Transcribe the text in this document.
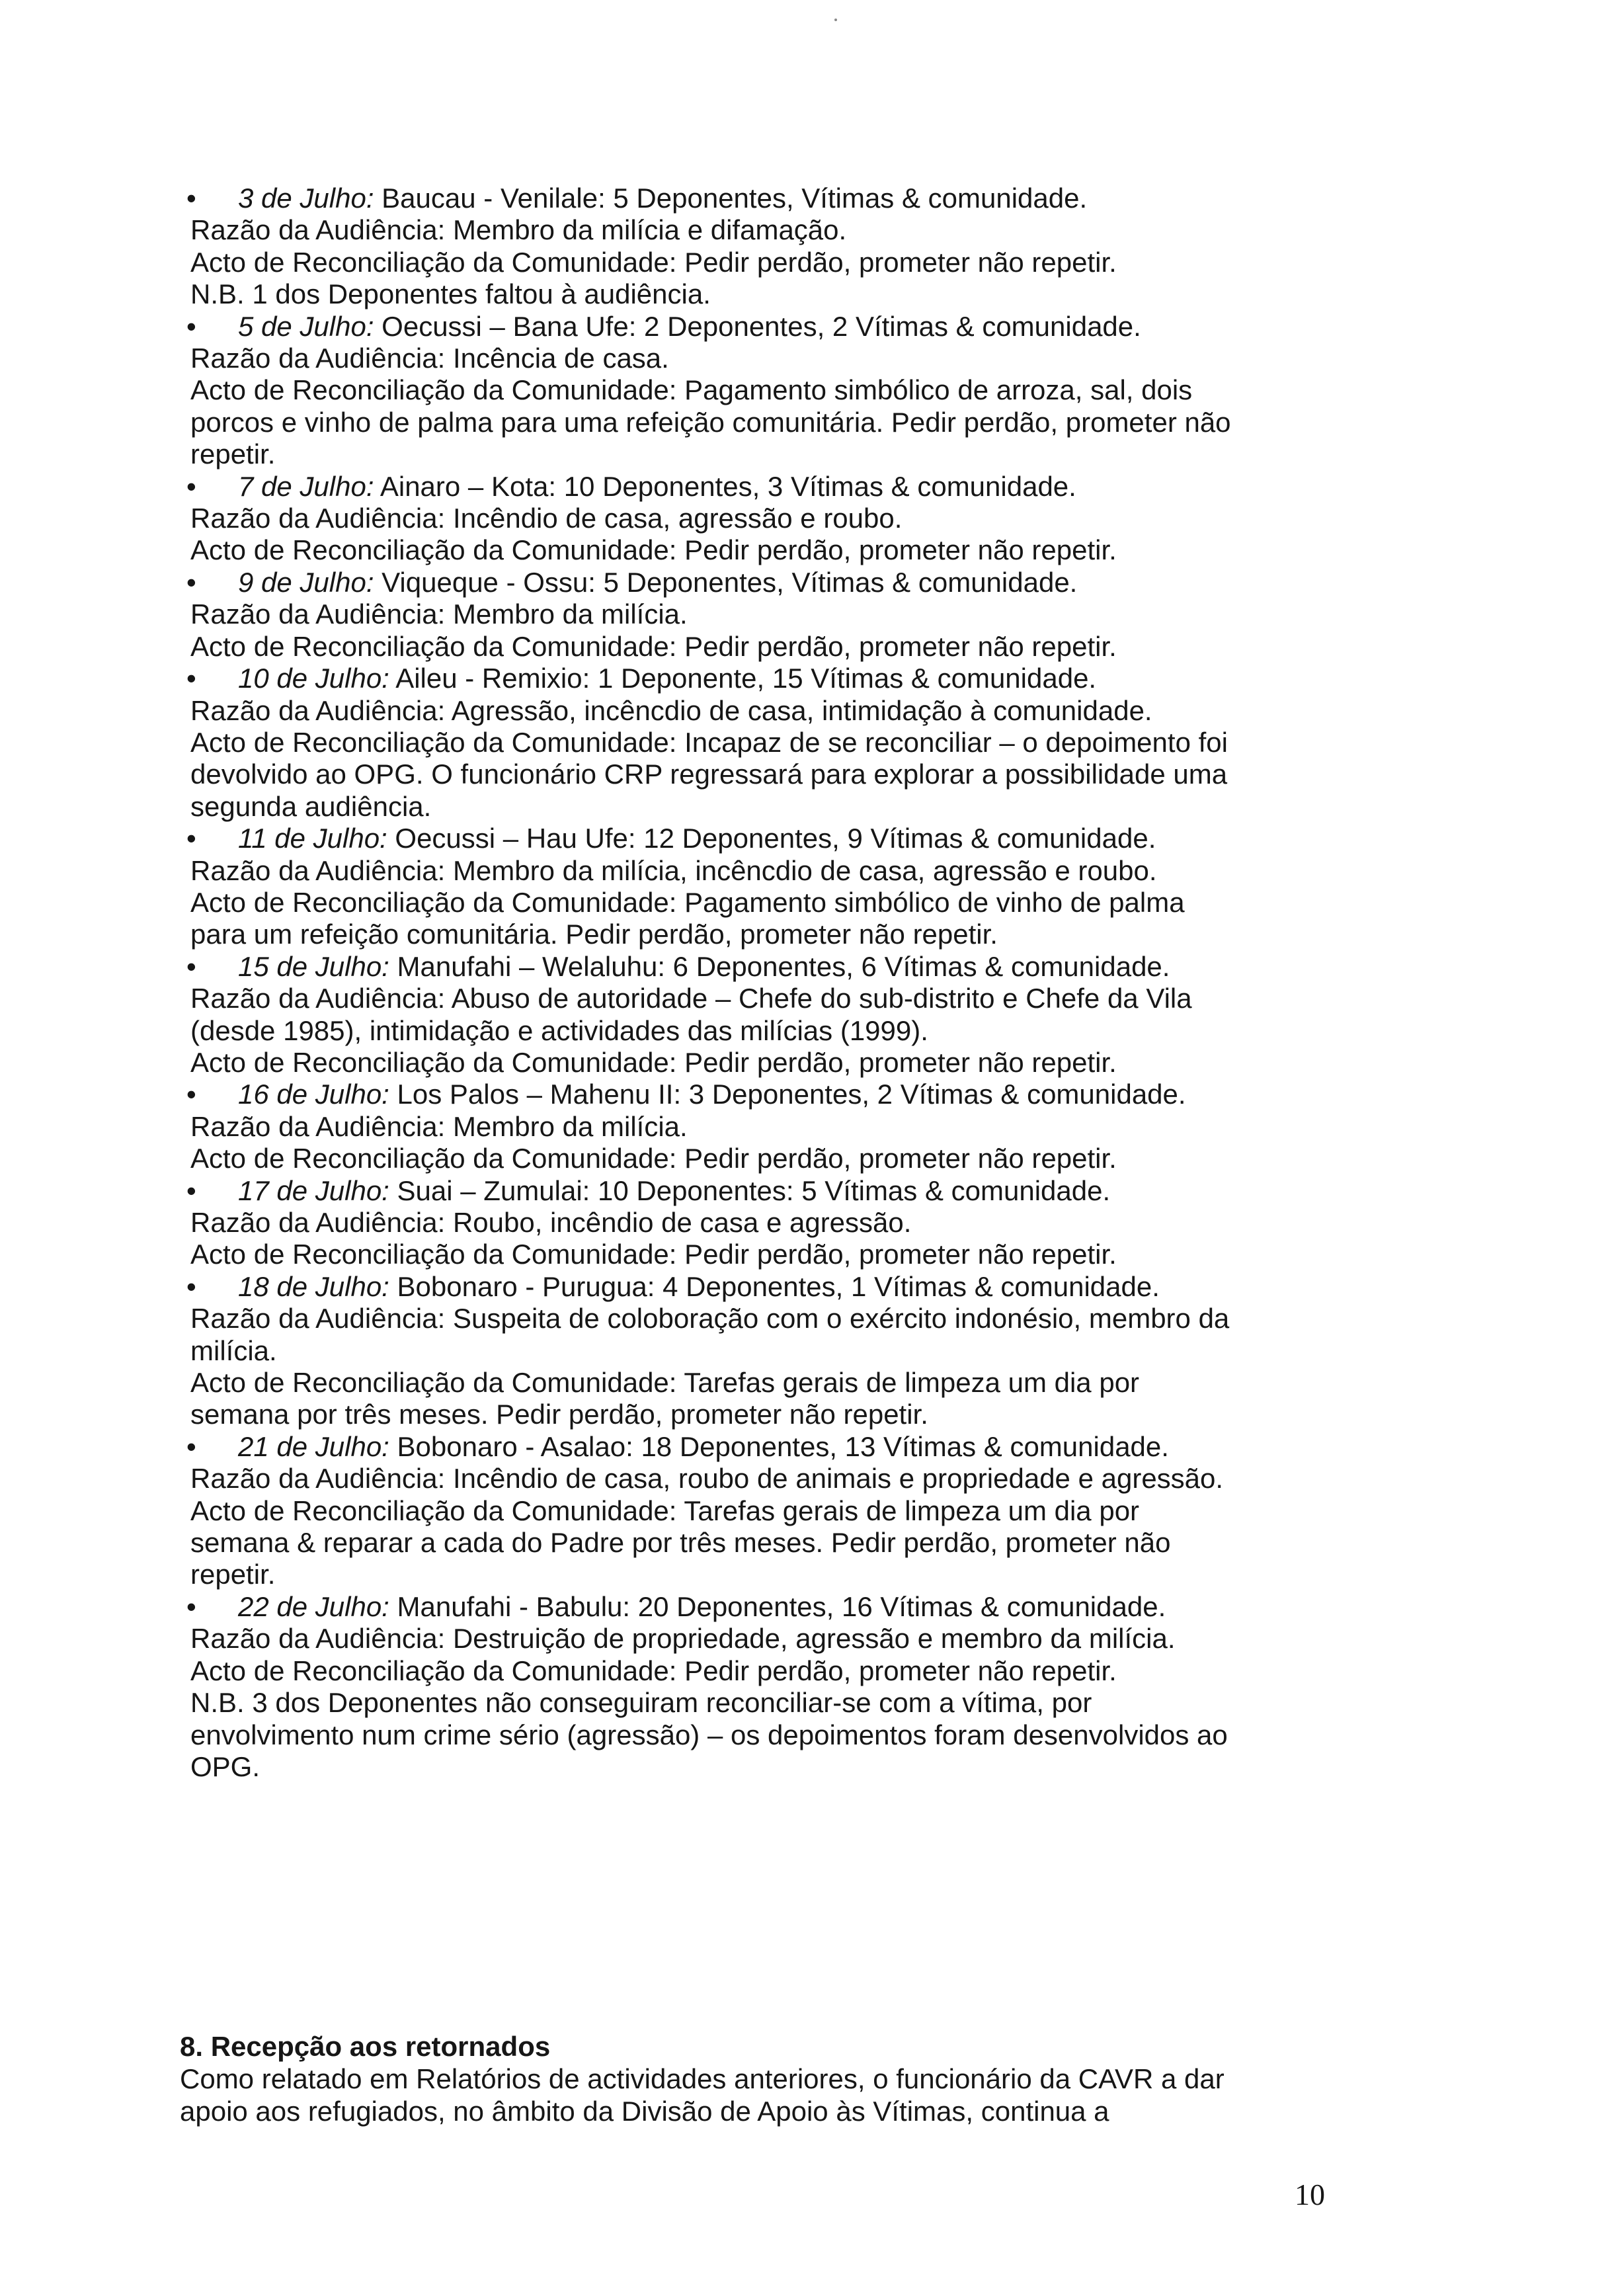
• 3 de Julho: Baucau - Venilale: 5 Deponentes, Vítimas & comunidade.
Razão da Audiência: Membro da milícia e difamação.
Acto de Reconciliação da Comunidade: Pedir perdão, prometer não repetir.
N.B. 1 dos Deponentes faltou à audiência.
• 5 de Julho: Oecussi – Bana Ufe: 2 Deponentes, 2 Vítimas & comunidade.
Razão da Audiência: Incência de casa.
Acto de Reconciliação da Comunidade: Pagamento simbólico de arroza, sal, dois
porcos e vinho de palma para uma refeição comunitária. Pedir perdão, prometer não
repetir.
• 7 de Julho: Ainaro – Kota: 10 Deponentes, 3 Vítimas & comunidade.
Razão da Audiência: Incêndio de casa, agressão e roubo.
Acto de Reconciliação da Comunidade: Pedir perdão, prometer não repetir.
• 9 de Julho: Viqueque - Ossu: 5 Deponentes, Vítimas & comunidade.
Razão da Audiência: Membro da milícia.
Acto de Reconciliação da Comunidade: Pedir perdão, prometer não repetir.
• 10 de Julho: Aileu - Remixio: 1 Deponente, 15 Vítimas & comunidade.
Razão da Audiência: Agressão, incêncdio de casa, intimidação à comunidade.
Acto de Reconciliação da Comunidade: Incapaz de se reconciliar – o depoimento foi
devolvido ao OPG. O funcionário CRP regressará para explorar a possibilidade uma
segunda audiência.
• 11 de Julho: Oecussi – Hau Ufe: 12 Deponentes, 9 Vítimas & comunidade.
Razão da Audiência: Membro da milícia, incêncdio de casa, agressão e roubo.
Acto de Reconciliação da Comunidade: Pagamento simbólico de vinho de palma
para um refeição comunitária. Pedir perdão, prometer não repetir.
• 15 de Julho: Manufahi – Welaluhu: 6 Deponentes, 6 Vítimas & comunidade.
Razão da Audiência: Abuso de autoridade – Chefe do sub-distrito e Chefe da Vila
(desde 1985), intimidação e actividades das milícias (1999).
Acto de Reconciliação da Comunidade: Pedir perdão, prometer não repetir.
• 16 de Julho: Los Palos – Mahenu II: 3 Deponentes, 2 Vítimas & comunidade.
Razão da Audiência: Membro da milícia.
Acto de Reconciliação da Comunidade: Pedir perdão, prometer não repetir.
• 17 de Julho: Suai – Zumulai: 10 Deponentes: 5 Vítimas & comunidade.
Razão da Audiência: Roubo, incêndio de casa e agressão.
Acto de Reconciliação da Comunidade: Pedir perdão, prometer não repetir.
• 18 de Julho: Bobonaro - Purugua: 4 Deponentes, 1 Vítimas & comunidade.
Razão da Audiência: Suspeita de coloboração com o exército indonésio, membro da
milícia.
Acto de Reconciliação da Comunidade: Tarefas gerais de limpeza um dia por
semana por três meses. Pedir perdão, prometer não repetir.
• 21 de Julho: Bobonaro - Asalao: 18 Deponentes, 13 Vítimas & comunidade.
Razão da Audiência: Incêndio de casa, roubo de animais e propriedade e agressão.
Acto de Reconciliação da Comunidade: Tarefas gerais de limpeza um dia por
semana & reparar a cada do Padre por três meses. Pedir perdão, prometer não
repetir.
• 22 de Julho: Manufahi - Babulu: 20 Deponentes, 16 Vítimas & comunidade.
Razão da Audiência: Destruição de propriedade, agressão e membro da milícia.
Acto de Reconciliação da Comunidade: Pedir perdão, prometer não repetir.
N.B. 3 dos Deponentes não conseguiram reconciliar-se com a vítima, por
envolvimento num crime sério (agressão) – os depoimentos foram desenvolvidos ao
OPG.
8. Recepção aos retornados
Como relatado em Relatórios de actividades anteriores, o funcionário da CAVR a dar
apoio aos refugiados, no âmbito da Divisão de Apoio às Vítimas, continua a
10
